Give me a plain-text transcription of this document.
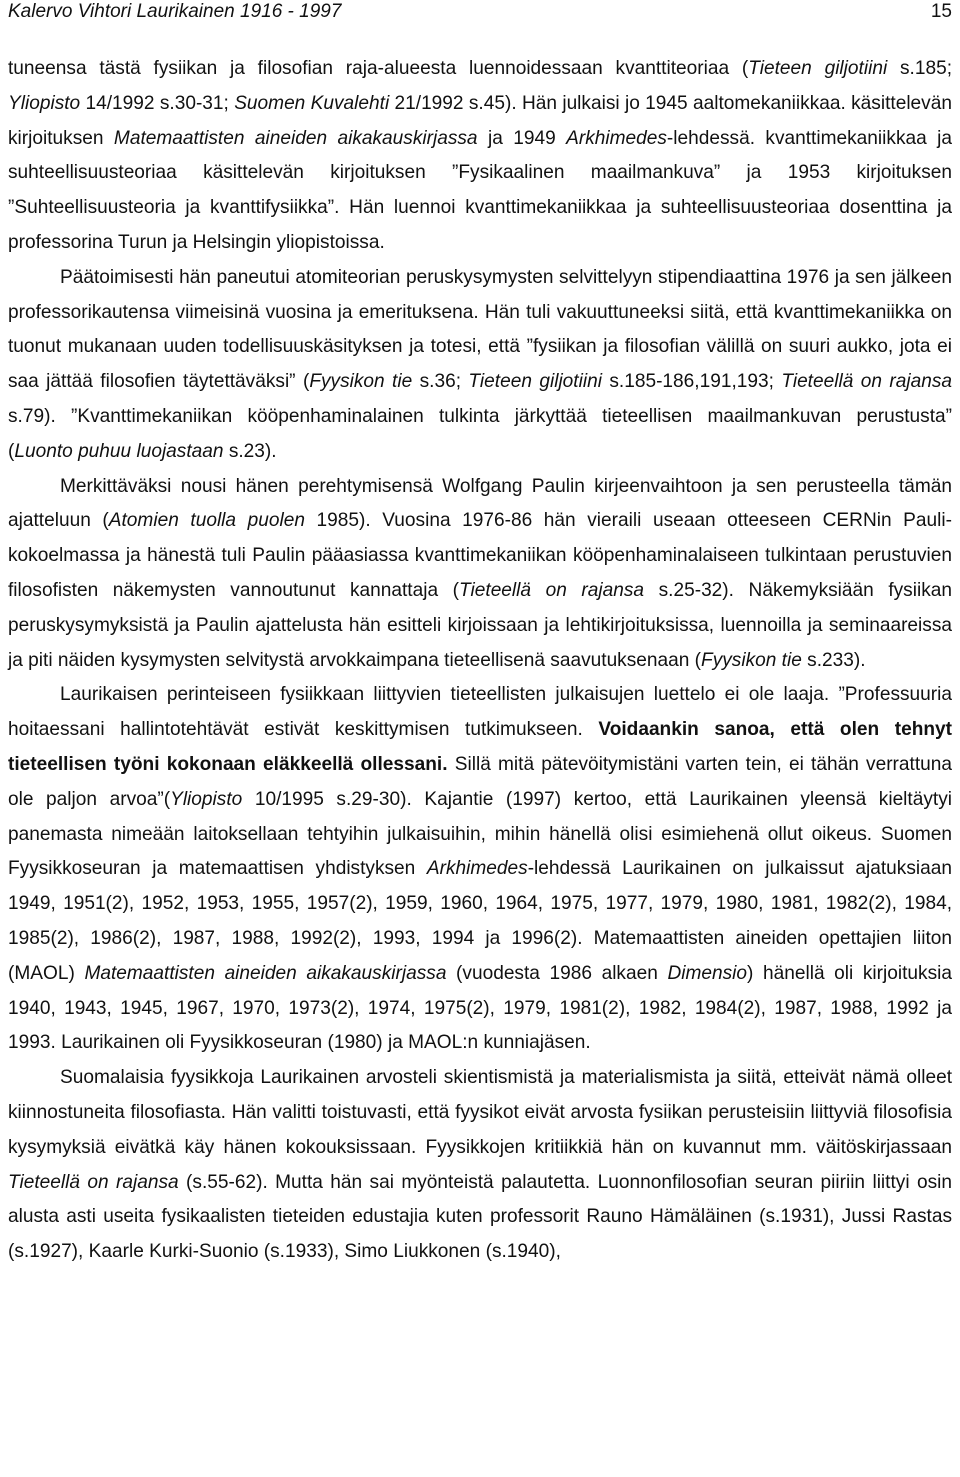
Kalervo Vihtori Laurikainen 1916 - 1997	15

tuneensa tästä fysiikan ja filosofian raja-alueesta luennoidessaan kvanttiteoriaa (Tieteen giljotiini s.185; Yliopisto 14/1992 s.30-31; Suomen Kuvalehti 21/1992 s.45). Hän julkaisi jo 1945 aaltomekaniikkaa. käsittelevän kirjoituksen Matemaattisten aineiden aikakauskirjassa ja 1949 Arkhimedes-lehdessä. kvanttimekaniikkaa ja suhteellisuusteoriaa käsittelevän kirjoituksen ”Fysikaalinen maailmankuva” ja 1953 kirjoituksen ”Suhteellisuusteoria ja kvanttifysiikka”. Hän luennoi kvanttimekaniikkaa ja suhteellisuusteoriaa dosenttina ja professorina Turun ja Helsingin yliopistoissa.

Päätoimisesti hän paneutui atomiteorian peruskysymysten selvittelyyn stipendiaattina 1976 ja sen jälkeen professorikautensa viimeisinä vuosina ja emerituksena. Hän tuli vakuuttuneeksi siitä, että kvanttimekaniikka on tuonut mukanaan uuden todellisuuskäsityksen ja totesi, että ”fysiikan ja filosofian välillä on suuri aukko, jota ei saa jättää filosofien täytettäväksi” (Fyysikon tie s.36; Tieteen giljotiini s.185-186,191,193; Tieteellä on rajansa s.79). ”Kvanttimekaniikan kööpenhaminalainen tulkinta järkyttää tieteellisen maailmankuvan perustusta” (Luonto puhuu luojastaan s.23).

Merkittäväksi nousi hänen perehtymisensä Wolfgang Paulin kirjeenvaihtoon ja sen perusteella tämän ajatteluun (Atomien tuolla puolen 1985). Vuosina 1976-86 hän vieraili useaan otteeseen CERNin Pauli-kokoelmassa ja hänestä tuli Paulin pääasiassa kvanttimekaniikan kööpenhaminalaiseen tulkintaan perustuvien filosofisten näkemysten vannoutunut kannattaja (Tieteellä on rajansa s.25-32). Näkemyksiään fysiikan peruskysymyksistä ja Paulin ajattelusta hän esitteli kirjoissaan ja lehtikirjoituksissa, luennoilla ja seminaareissa ja piti näiden kysymysten selvitystä arvokkaimpana tieteellisenä saavutuksenaan (Fyysikon tie s.233).

Laurikaisen perinteiseen fysiikkaan liittyvien tieteellisten julkaisujen luettelo ei ole laaja. ”Professuuria hoitaessani hallintotehtävät estivät keskittymisen tutkimukseen. Voidaankin sanoa, että olen tehnyt tieteellisen työni kokonaan eläkkeellä ollessani. Sillä mitä pätevöitymistäni varten tein, ei tähän verrattuna ole paljon arvoa”(Yliopisto 10/1995 s.29-30). Kajantie (1997) kertoo, että Laurikainen yleensä kieltäytyi panemasta nimeään laitoksellaan tehtyihin julkaisuihin, mihin hänellä olisi esimiehenä ollut oikeus. Suomen Fyysikkoseuran ja matemaattisen yhdistyksen Arkhimedes-lehdessä Laurikainen on julkaissut ajatuksiaan 1949, 1951(2), 1952, 1953, 1955, 1957(2), 1959, 1960, 1964, 1975, 1977, 1979, 1980, 1981, 1982(2), 1984, 1985(2), 1986(2), 1987, 1988, 1992(2), 1993, 1994 ja 1996(2). Matemaattisten aineiden opettajien liiton (MAOL) Matemaattisten aineiden aikakauskirjassa (vuodesta 1986 alkaen Dimensio) hänellä oli kirjoituksia 1940, 1943, 1945, 1967, 1970, 1973(2), 1974, 1975(2), 1979, 1981(2), 1982, 1984(2), 1987, 1988, 1992 ja 1993. Laurikainen oli Fyysikkoseuran (1980) ja MAOL:n kunniajäsen.

Suomalaisia fyysikkoja Laurikainen arvosteli skientismistä ja materialismista ja siitä, etteivät nämä olleet kiinnostuneita filosofiasta. Hän valitti toistuvasti, että fyysikot eivät arvosta fysiikan perusteisiin liittyviä filosofisia kysymyksiä eivätkä käy hänen kokouksissaan. Fyysikkojen kritiikkiä hän on kuvannut mm. väitöskirjassaan Tieteellä on rajansa (s.55-62). Mutta hän sai myönteistä palautetta. Luonnonfilosofian seuran piiriin liittyi osin alusta asti useita fysikaalisten tieteiden edustajia kuten professorit Rauno Hämäläinen (s.1931), Jussi Rastas (s.1927), Kaarle Kurki-Suonio (s.1933), Simo Liukkonen (s.1940),
